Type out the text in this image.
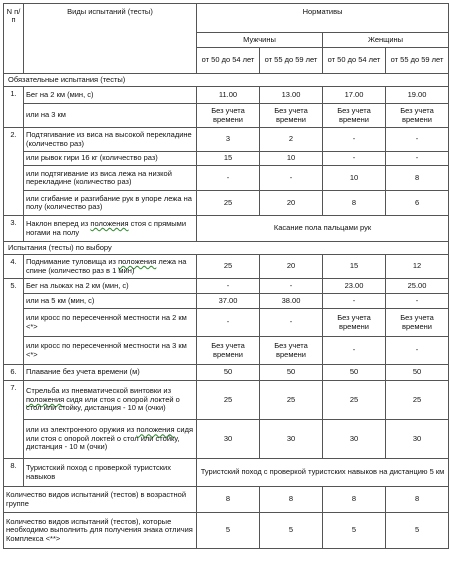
N п/п	Виды испытаний (тесты)	Нормативы			
		Мужчины		Женщины	
		от 50 до 54 лет	от 55 до 59 лет	от 50 до 54 лет	от 55 до 59 лет
Обязательные испытания (тесты)					
1.	Бег на 2 км (мин, с)	11.00	13.00	17.00	19.00
	или на 3 км	Без учета времени	Без учета времени	Без учета времени	Без учета времени
2.	Подтягивание из виса на высокой перекладине (количество раз)	3	2	-	-
	или рывок гири 16 кг (количество раз)	15	10	-	-
	или подтягивание из виса лежа на низкой перекладине (количество раз)	-	-	10	8
	или сгибание и разгибание рук в упоре лежа на полу (количество раз)	25	20	8	6
3.	Наклон вперед из положения стоя с прямыми ногами на полу	Касание пола пальцами рук			
Испытания (тесты) по выбору					
4.	Поднимание туловища из положения лежа на спине (количество раз в 1 мин)	25	20	15	12
5.	Бег на лыжах на 2 км (мин, с)	-	-	23.00	25.00
	или на 5 км (мин, с)	37.00	38.00	-	-
	или кросс по пересеченной местности на 2 км <*>	-	-	Без учета времени	Без учета времени
	или кросс по пересеченной местности на 3 км <*>	Без учета времени	Без учета времени	-	-
6.	Плавание без учета времени (м)	50	50	50	50
7.	Стрельба из пневматической винтовки из положения сидя или стоя с опорой локтей о стол или стойку, дистанция - 10 м (очки)	25	25	25	25
	или из электронного оружия из положения сидя или стоя с опорой локтей о стол или стойку, дистанция - 10 м (очки)	30	30	30	30
8.	Туристский поход с проверкой туристских навыков	Туристский поход с проверкой туристских навыков на дистанцию 5 км			
Количество видов испытаний (тестов) в возрастной группе		8	8	8	8
Количество видов испытаний (тестов), которые необходимо выполнить для получения знака отличия Комплекса <**>		5	5	5	5
